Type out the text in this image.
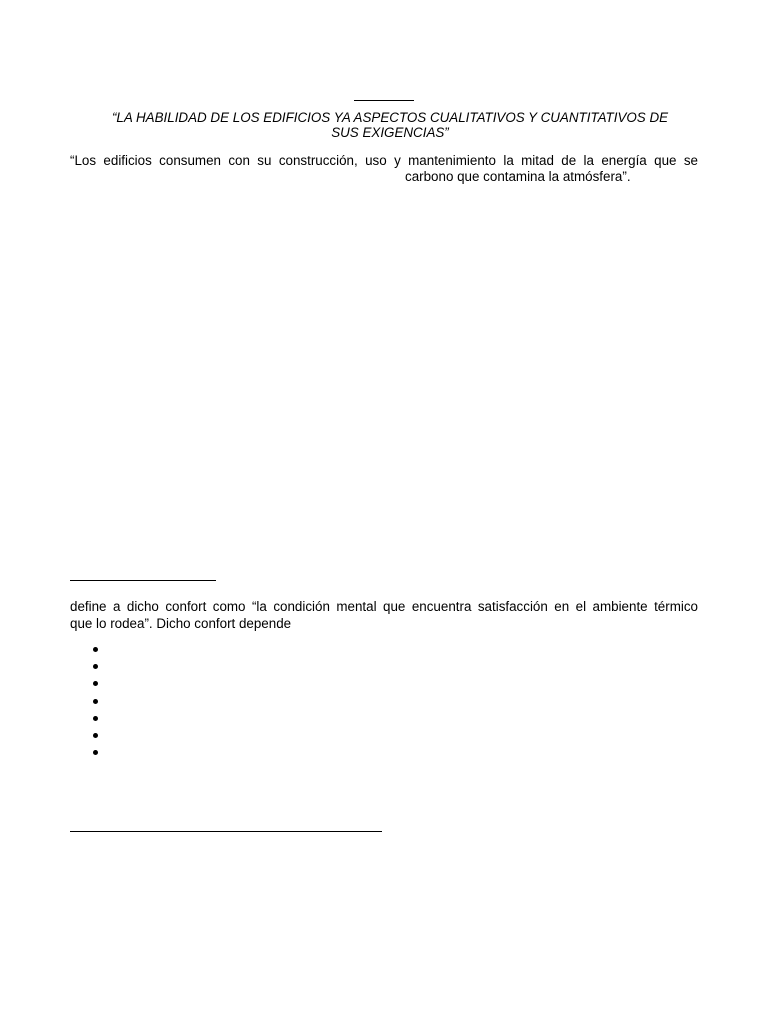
“LA HABILIDAD DE LOS EDIFICIOS YA ASPECTOS CUALITATIVOS Y CUANTITATIVOS DE SUS EXIGENCIAS”

“Los edificios consumen con su construcción, uso y mantenimiento la mitad de la energía que se

carbono que contamina la atmósfera”.

define a dicho confort como “la condición mental que encuentra satisfacción en el ambiente térmico

que lo rodea”. Dicho confort depende
